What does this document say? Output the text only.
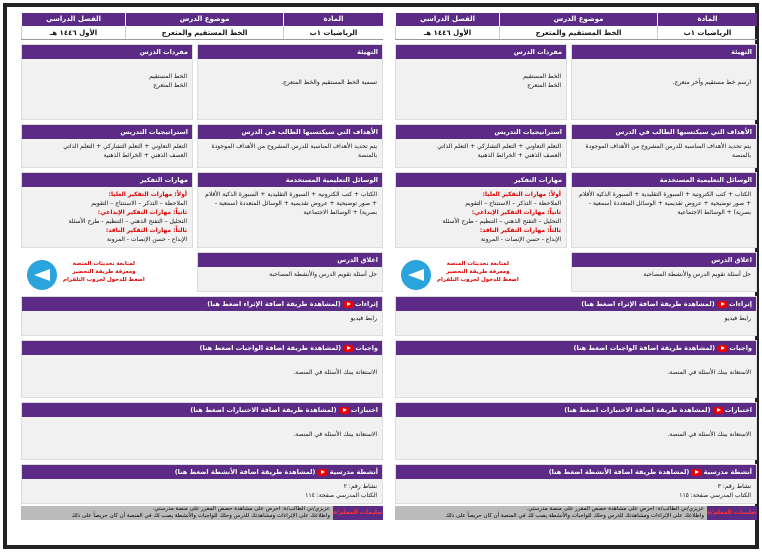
المادة
موضوع الدرس
الفصل الدراسي
الرياضيات ١ب
الخط المستقيم والمتعرج
الأول ١٤٤٦ هـ
التهيئة
تسمية الخط المستقيم والخط المتعرج.
مفردات الدرس
الخط المستقيم
الخط المتعرج
الأهداف التي سيكتسبها الطالب في الدرس
يتم تحديد الأهداف المناسبة للدرس المشروح من الأهداف الموجودة بالمنصة
استراتيجيات التدريس
التعلم التعاوني + التعلم التشاركي + التعلم الذاتي
العصف الذهني + الخرائط الذهنية
الوسائل التعليمية المستخدمة
الكتاب + كتب الكترونية + السبورة التقليدية + السبورة الذكية الأقلام + صور توضيحية + عروض تقديمية + الوسائل المتعددة (سمعية - بصرية) + الوسائط الاجتماعية
اغلاق الدرس
حل أسئلة تقويم الدرس والأنشطة المصاحبة
مهارات التفكير
أولاً: مهارات التفكير العليا:
الملاحظة – التذكر – الاستنتاج – التقويم
ثانياً: مهارات التفكير الإبداعي:
التحليل – التفتح الذهني – التنظيم - طرح الأسئلة
ثالثاً: مهارات التفكير الناقد:
الإبداع - حسن الإنصات - المرونة
لمتابعة تحديثات المنصة
ومعرفة طريقة التحضير
اضغط للدخول لجروب التلقرام
إثراءات (لمشاهدة طريقة اضافة الإثراء اضغط هنا)
رابط فيديو
واجبات (لمشاهدة طريقة اضافة الواجبات اضغط هنا)
الاستعانة ببنك الأسئلة في المنصة.
اختبارات (لمشاهدة طريقة اضافة الاختبارات اضغط هنا)
الاستعانة ببنك الأسئلة في المنصة.
أنشطة مدرسية (لمشاهدة طريقة اضافة الأنشطة اضغط هنا)
نشاط رقم: ٢
الكتاب المدرسي صفحة: ١١٤
تعليمات المعلم/ة
عزيزي/تي الطالب/ة: احرص على مشاهدة حصص المقرر على منصة مدرستي.
واطلاعك على الإثراءات ومشاهدتك للدرس وحلك للواجبات والأنشطة يصب لك في المنصة أن كان حريصاً على ذلك
المادة
موضوع الدرس
الفصل الدراسي
الرياضيات ١ب
الخط المستقيم والمتعرج
الأول ١٤٤٦ هـ
التهيئة
ارسم خط مستقيم وآخر متعرج.
مفردات الدرس
الخط المستقيم
الخط المتعرج
الأهداف التي سيكتسبها الطالب في الدرس
يتم تحديد الأهداف المناسبة للدرس المشروح من الأهداف الموجودة بالمنصة
استراتيجيات التدريس
التعلم التعاوني + التعلم التشاركي + التعلم الذاتي
العصف الذهني + الخرائط الذهنية
الوسائل التعليمية المستخدمة
الكتاب + كتب الكترونية + السبورة التقليدية + السبورة الذكية الأقلام + صور توضيحية + عروض تقديمية + الوسائل المتعددة (سمعية - بصرية) + الوسائط الاجتماعية
اغلاق الدرس
حل أسئلة تقويم الدرس والأنشطة المصاحبة
مهارات التفكير
أولاً: مهارات التفكير العليا:
الملاحظة – التذكر – الاستنتاج – التقويم
ثانياً: مهارات التفكير الإبداعي:
التحليل – التفتح الذهني – التنظيم - طرح الأسئلة
ثالثاً: مهارات التفكير الناقد:
الإبداع - حسن الإنصات - المرونة
لمتابعة تحديثات المنصة
ومعرفة طريقة التحضير
اضغط للدخول لجروب التلقرام
إثراءات (لمشاهدة طريقة اضافة الإثراء اضغط هنا)
رابط فيديو
واجبات (لمشاهدة طريقة اضافة الواجبات اضغط هنا)
الاستعانة ببنك الأسئلة في المنصة.
اختبارات (لمشاهدة طريقة اضافة الاختبارات اضغط هنا)
الاستعانة ببنك الأسئلة في المنصة.
أنشطة مدرسية (لمشاهدة طريقة اضافة الأنشطة اضغط هنا)
نشاط رقم: ٣
الكتاب المدرسي صفحة: ١١٥
تعليمات المعلم/ة
عزيزي/تي الطالب/ة: احرص على مشاهدة حصص المقرر على منصة مدرستي.
واطلاعك على الإثراءات ومشاهدتك للدرس وحلك للواجبات والأنشطة يصب لك في المنصة أن كان حريصاً على ذلك
